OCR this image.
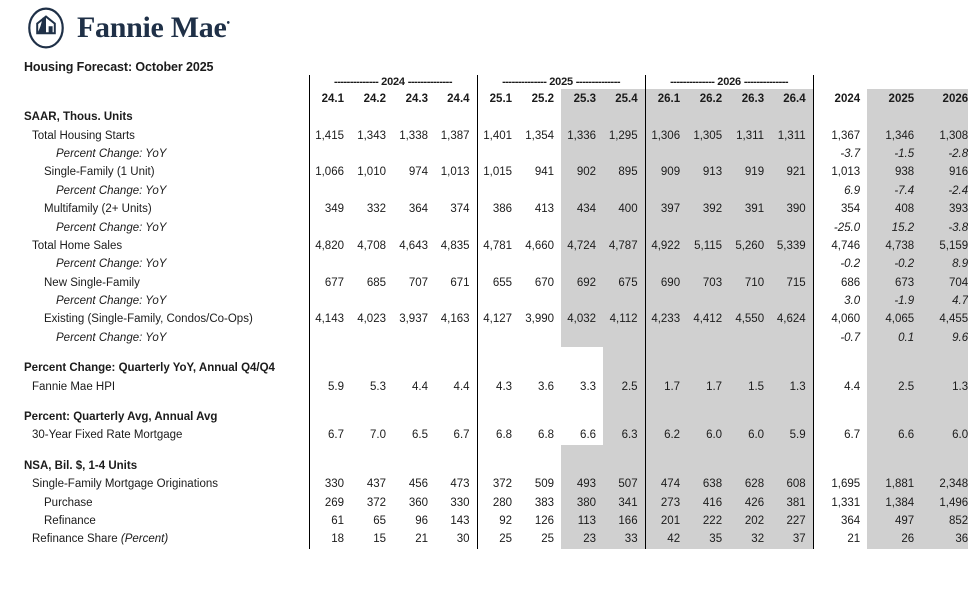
Fannie Mae•
Housing Forecast: October 2025
	-------------- 2024 --------------				-------------- 2025 --------------				-------------- 2026 --------------						
	24.1	24.2	24.3	24.4	25.1	25.2	25.3	25.4	26.1	26.2	26.3	26.4	2024	2025	2026
SAAR, Thous. Units															
Total Housing Starts	1,415	1,343	1,338	1,387	1,401	1,354	1,336	1,295	1,306	1,305	1,311	1,311	1,367	1,346	1,308
Percent Change: YoY													-3.7	-1.5	-2.8
Single-Family (1 Unit)	1,066	1,010	974	1,013	1,015	941	902	895	909	913	919	921	1,013	938	916
Percent Change: YoY													6.9	-7.4	-2.4
Multifamily (2+ Units)	349	332	364	374	386	413	434	400	397	392	391	390	354	408	393
Percent Change: YoY													-25.0	15.2	-3.8
Total Home Sales	4,820	4,708	4,643	4,835	4,781	4,660	4,724	4,787	4,922	5,115	5,260	5,339	4,746	4,738	5,159
Percent Change: YoY													-0.2	-0.2	8.9
New Single-Family	677	685	707	671	655	670	692	675	690	703	710	715	686	673	704
Percent Change: YoY													3.0	-1.9	4.7
Existing (Single-Family, Condos/Co-Ops)	4,143	4,023	3,937	4,163	4,127	3,990	4,032	4,112	4,233	4,412	4,550	4,624	4,060	4,065	4,455
Percent Change: YoY													-0.7	0.1	9.6

Percent Change: Quarterly YoY, Annual Q4/Q4															
Fannie Mae HPI	5.9	5.3	4.4	4.4	4.3	3.6	3.3	2.5	1.7	1.7	1.5	1.3	4.4	2.5	1.3

Percent: Quarterly Avg, Annual Avg															
30-Year Fixed Rate Mortgage	6.7	7.0	6.5	6.7	6.8	6.8	6.6	6.3	6.2	6.0	6.0	5.9	6.7	6.6	6.0

NSA, Bil. $, 1-4 Units															
Single-Family Mortgage Originations	330	437	456	473	372	509	493	507	474	638	628	608	1,695	1,881	2,348
Purchase	269	372	360	330	280	383	380	341	273	416	426	381	1,331	1,384	1,496
Refinance	61	65	96	143	92	126	113	166	201	222	202	227	364	497	852
Refinance Share (Percent)	18	15	21	30	25	25	23	33	42	35	32	37	21	26	36
